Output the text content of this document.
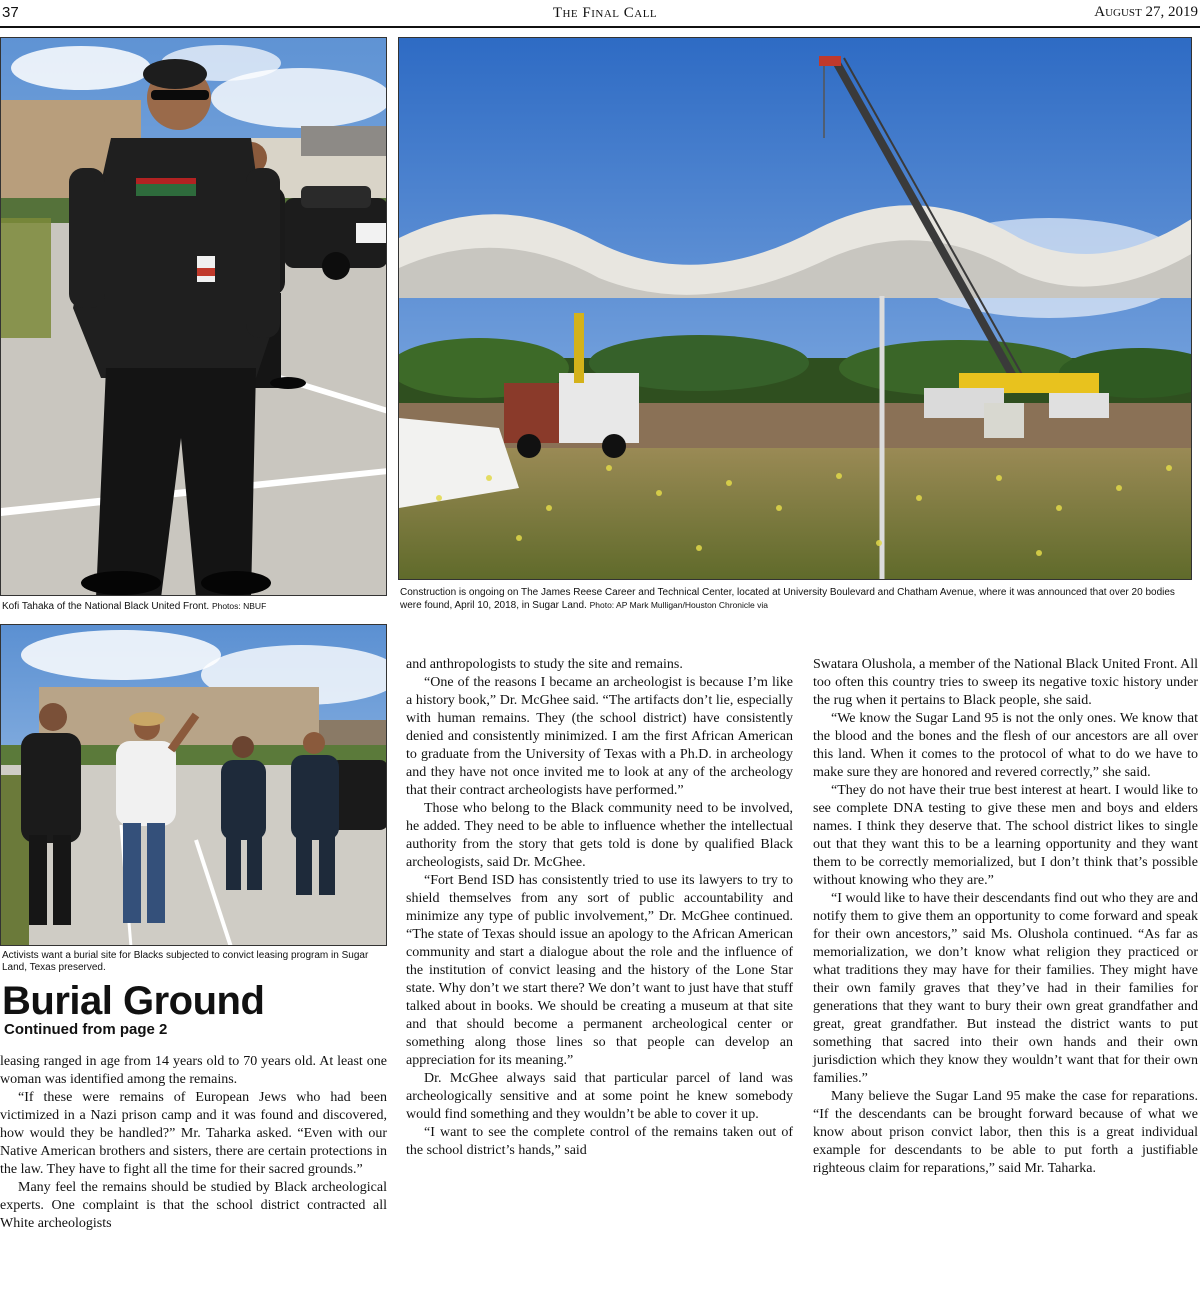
37	The Final Call	August 27, 2019
Kofi Tahaka of the National Black United Front. Photos: NBUF
Construction is ongoing on The James Reese Career and Technical Center, located at University Boulevard and Chatham Avenue, where it was announced that over 20 bodies were found, April 10, 2018, in Sugar Land. Photo: AP Mark Mulligan/Houston Chronicle via
Activists want a burial site for Blacks subjected to convict leasing program in Sugar Land, Texas preserved.
Burial Ground
Continued from page 2

leasing ranged in age from 14 years old to 70 years old. At least one woman was identified among the remains.

“If these were remains of European Jews who had been victimized in a Nazi prison camp and it was found and discovered, how would they be handled?” Mr. Taharka asked. “Even with our Native American brothers and sisters, there are certain protections in the law. They have to fight all the time for their sacred grounds.”

Many feel the remains should be studied by Black archeological experts. One complaint is that the school district contracted all White archeologists

and anthropologists to study the site and remains.

“One of the reasons I became an archeologist is because I’m like a history book,” Dr. McGhee said. “The artifacts don’t lie, especially with human remains. They (the school district) have consistently denied and consistently minimized. I am the first African American to graduate from the University of Texas with a Ph.D. in archeology and they have not once invited me to look at any of the archeology that their contract archeologists have performed.”

Those who belong to the Black community need to be involved, he added. They need to be able to influence whether the intellectual authority from the story that gets told is done by qualified Black archeologists, said Dr. McGhee.

“Fort Bend ISD has consistently tried to use its lawyers to try to shield themselves from any sort of public accountability and minimize any type of public involvement,” Dr. McGhee continued. “The state of Texas should issue an apology to the African American community and start a dialogue about the role and the influence of the institution of convict leasing and the history of the Lone Star state. Why don’t we start there? We don’t want to just have that stuff talked about in books. We should be creating a museum at that site and that should become a permanent archeological center or something along those lines so that people can develop an appreciation for its meaning.”

Dr. McGhee always said that particular parcel of land was archeologically sensitive and at some point he knew somebody would find something and they wouldn’t be able to cover it up.

“I want to see the complete control of the remains taken out of the school district’s hands,” said

Swatara Olushola, a member of the National Black United Front. All too often this country tries to sweep its negative toxic history under the rug when it pertains to Black people, she said.

“We know the Sugar Land 95 is not the only ones. We know that the blood and the bones and the flesh of our ancestors are all over this land. When it comes to the protocol of what to do we have to make sure they are honored and revered correctly,” she said.

“They do not have their true best interest at heart. I would like to see complete DNA testing to give these men and boys and elders names. I think they deserve that. The school district likes to single out that they want this to be a learning opportunity and they want them to be correctly memorialized, but I don’t think that’s possible without knowing who they are.”

“I would like to have their descendants find out who they are and notify them to give them an opportunity to come forward and speak for their own ancestors,” said Ms. Olushola continued. “As far as memorialization, we don’t know what religion they practiced or what traditions they may have for their families. They might have their own family graves that they’ve had in their families for generations that they want to bury their own great grandfather and great, great grandfather. But instead the district wants to put something that sacred into their own hands and their own jurisdiction which they know they wouldn’t want that for their own families.”

Many believe the Sugar Land 95 make the case for reparations. “If the descendants can be brought forward because of what we know about prison convict labor, then this is a great individual example for descendants to be able to put forth a justifiable righteous claim for reparations,” said Mr. Taharka.
